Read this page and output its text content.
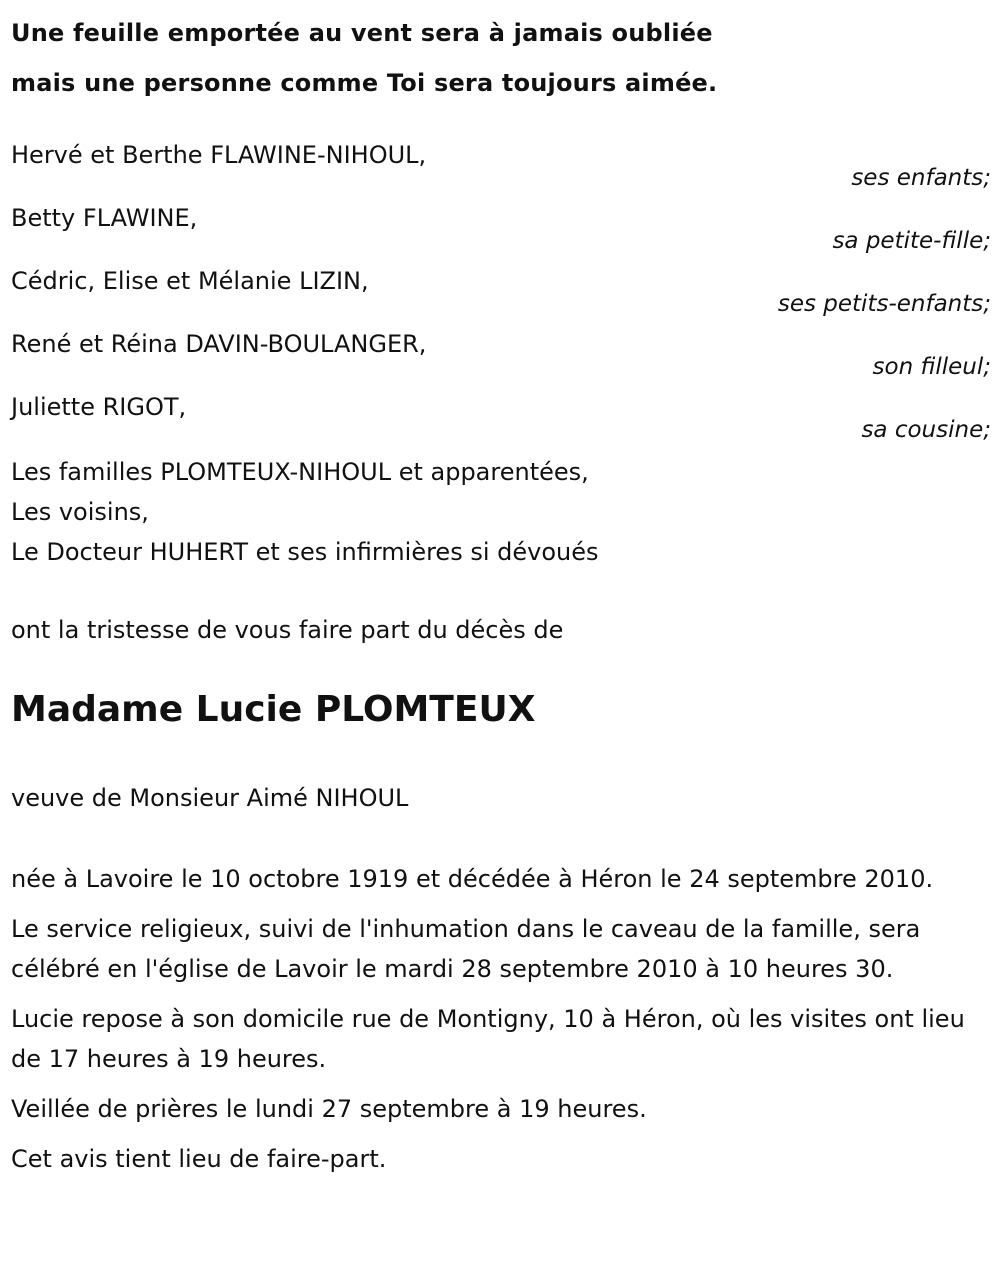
Une feuille emportée au vent sera à jamais oubliée
mais une personne comme Toi sera toujours aimée.
Hervé et Berthe FLAWINE-NIHOUL,
ses enfants;
Betty FLAWINE,
sa petite-fille;
Cédric, Elise et Mélanie LIZIN,
ses petits-enfants;
René et Réina DAVIN-BOULANGER,
son filleul;
Juliette RIGOT,
sa cousine;
Les familles PLOMTEUX-NIHOUL et apparentées,
Les voisins,
Le Docteur HUHERT et ses infirmières si dévoués
ont la tristesse de vous faire part du décès de
Madame Lucie PLOMTEUX
veuve de Monsieur Aimé NIHOUL

née à Lavoire le 10 octobre 1919 et décédée à Héron le 24 septembre 2010.

Le service religieux, suivi de l'inhumation dans le caveau de la famille, sera célébré en l'église de Lavoir le mardi 28 septembre 2010 à 10 heures 30.

Lucie repose à son domicile rue de Montigny, 10 à Héron, où les visites ont lieu de 17 heures à 19 heures.

Veillée de prières le lundi 27 septembre à 19 heures.

Cet avis tient lieu de faire-part.
